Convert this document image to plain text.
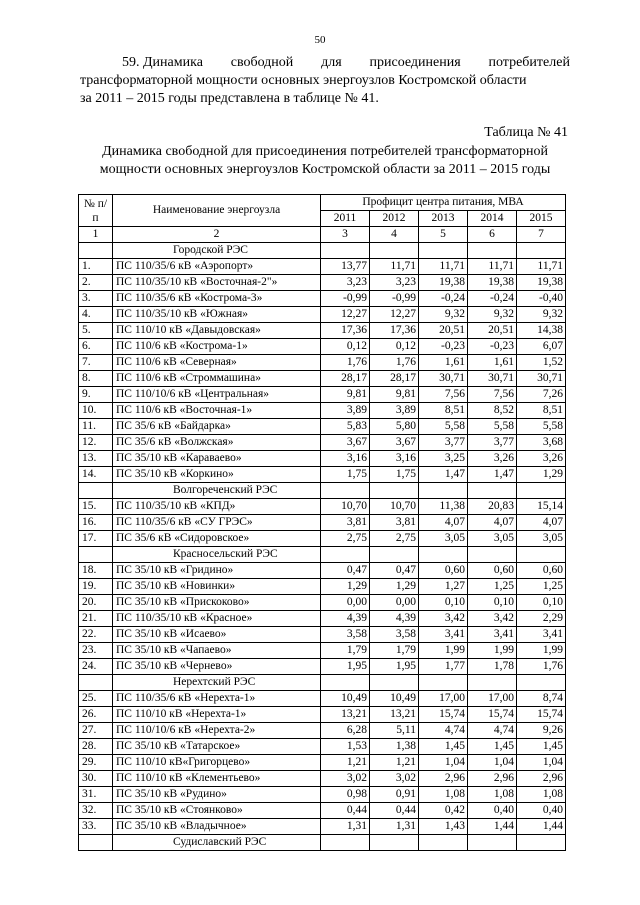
50
59. Динамика свободной для присоединения потребителей
трансформаторной мощности основных энергоузлов Костромской области
за 2011 – 2015 годы представлена в таблице № 41.
Таблица № 41
Динамика свободной для присоединения потребителей трансформаторной
мощности основных энергоузлов Костромской области за 2011 – 2015 годы
№ п/п	Наименование энергоузла	Профицит центра питания, МВА				
		2011	2012	2013	2014	2015
1	2	3	4	5	6	7
	Городской РЭС					
1.	ПС 110/35/6 кВ «Аэропорт»	13,77	11,71	11,71	11,71	11,71
2.	ПС 110/35/10 кВ «Восточная-2"»	3,23	3,23	19,38	19,38	19,38
3.	ПС 110/35/6 кВ «Кострома-3»	-0,99	-0,99	-0,24	-0,24	-0,40
4.	ПС 110/35/10 кВ «Южная»	12,27	12,27	9,32	9,32	9,32
5.	ПС 110/10 кВ «Давыдовская»	17,36	17,36	20,51	20,51	14,38
6.	ПС 110/6 кВ «Кострома-1»	0,12	0,12	-0,23	-0,23	6,07
7.	ПС 110/6 кВ «Северная»	1,76	1,76	1,61	1,61	1,52
8.	ПС 110/6 кВ «Строммашина»	28,17	28,17	30,71	30,71	30,71
9.	ПС 110/10/6 кВ «Центральная»	9,81	9,81	7,56	7,56	7,26
10.	ПС 110/6 кВ «Восточная-1»	3,89	3,89	8,51	8,52	8,51
11.	ПС 35/6 кВ «Байдарка»	5,83	5,80	5,58	5,58	5,58
12.	ПС 35/6 кВ «Волжская»	3,67	3,67	3,77	3,77	3,68
13.	ПС 35/10 кВ «Караваево»	3,16	3,16	3,25	3,26	3,26
14.	ПС 35/10 кВ «Коркино»	1,75	1,75	1,47	1,47	1,29
	Волгореченский РЭС					
15.	ПС 110/35/10 кВ «КПД»	10,70	10,70	11,38	20,83	15,14
16.	ПС 110/35/6 кВ «СУ ГРЭС»	3,81	3,81	4,07	4,07	4,07
17.	ПС 35/6 кВ «Сидоровское»	2,75	2,75	3,05	3,05	3,05
	Красносельский РЭС					
18.	ПС 35/10 кВ «Гридино»	0,47	0,47	0,60	0,60	0,60
19.	ПС 35/10 кВ «Новинки»	1,29	1,29	1,27	1,25	1,25
20.	ПС 35/10 кВ «Прискоково»	0,00	0,00	0,10	0,10	0,10
21.	ПС 110/35/10 кВ «Красное»	4,39	4,39	3,42	3,42	2,29
22.	ПС 35/10 кВ «Исаево»	3,58	3,58	3,41	3,41	3,41
23.	ПС 35/10 кВ «Чапаево»	1,79	1,79	1,99	1,99	1,99
24.	ПС 35/10 кВ «Черневo»	1,95	1,95	1,77	1,78	1,76
	Нерехтский РЭС					
25.	ПС 110/35/6 кВ «Нерехта-1»	10,49	10,49	17,00	17,00	8,74
26.	ПС 110/10 кВ «Нерехта-1»	13,21	13,21	15,74	15,74	15,74
27.	ПС 110/10/6 кВ «Нерехта-2»	6,28	5,11	4,74	4,74	9,26
28.	ПС 35/10 кВ «Татарское»	1,53	1,38	1,45	1,45	1,45
29.	ПС 110/10 кВ«Григорцево»	1,21	1,21	1,04	1,04	1,04
30.	ПС 110/10 кВ «Клементьево»	3,02	3,02	2,96	2,96	2,96
31.	ПС 35/10 кВ «Рудино»	0,98	0,91	1,08	1,08	1,08
32.	ПС 35/10 кВ «Стоянково»	0,44	0,44	0,42	0,40	0,40
33.	ПС 35/10 кВ «Владычное»	1,31	1,31	1,43	1,44	1,44
	Судиславский РЭС					
